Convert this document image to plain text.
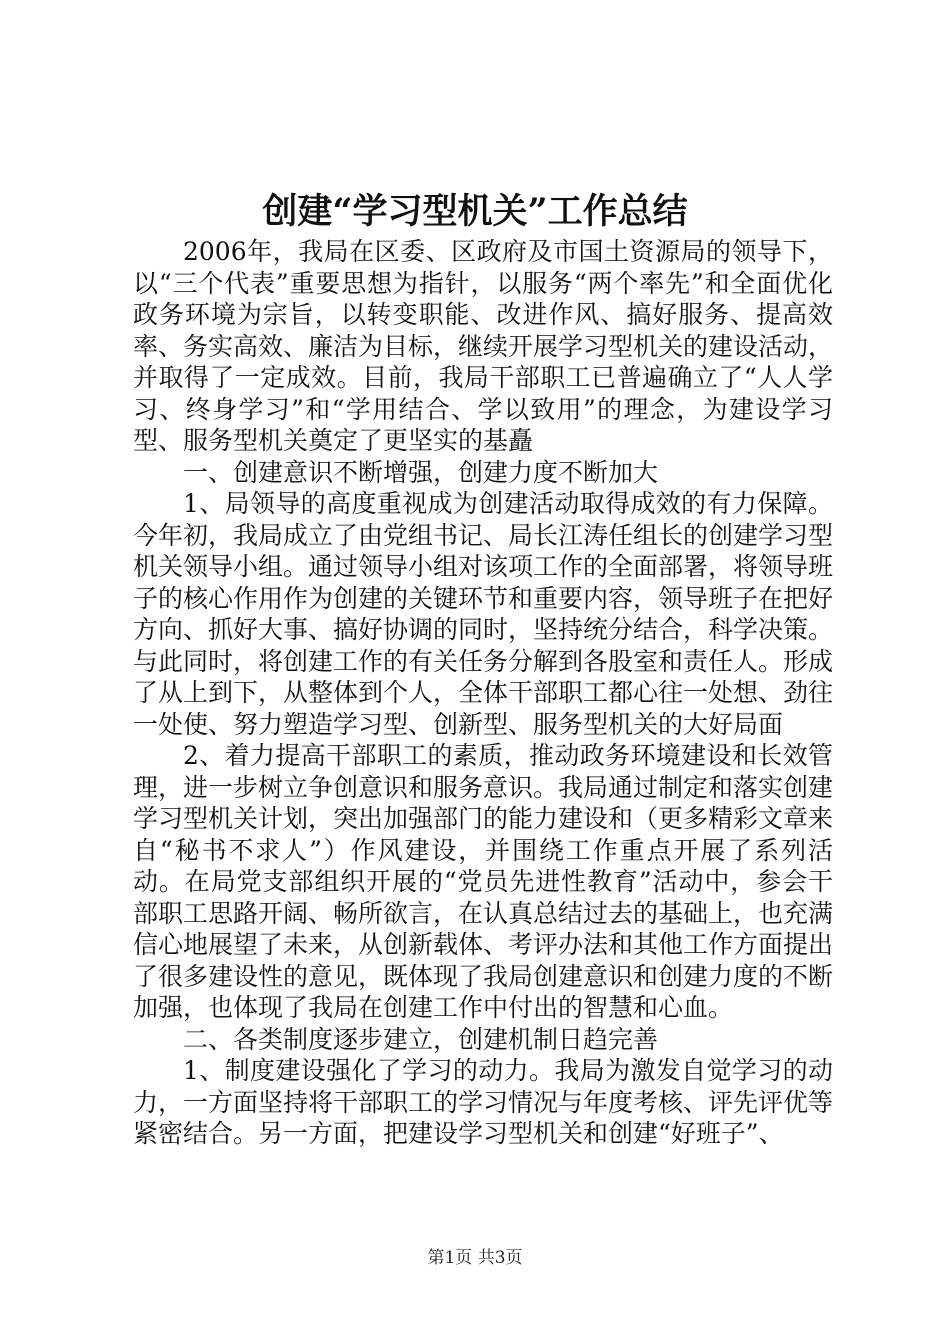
创建“学习型机关”工作总结

2006年，我局在区委、区政府及市国土资源局的领导下，以“三个代表”重要思想为指针，以服务“两个率先”和全面优化政务环境为宗旨，以转变职能、改进作风、搞好服务、提高效率、务实高效、廉洁为目标，继续开展学习型机关的建设活动，并取得了一定成效。目前，我局干部职工已普遍确立了“人人学习、终身学习”和“学用结合、学以致用”的理念，为建设学习型、服务型机关奠定了更坚实的基矗

一、创建意识不断增强，创建力度不断加大

1、局领导的高度重视成为创建活动取得成效的有力保障。今年初，我局成立了由党组书记、局长江涛任组长的创建学习型机关领导小组。通过领导小组对该项工作的全面部署，将领导班子的核心作用作为创建的关键环节和重要内容，领导班子在把好方向、抓好大事、搞好协调的同时，坚持统分结合，科学决策。与此同时，将创建工作的有关任务分解到各股室和责任人。形成了从上到下，从整体到个人，全体干部职工都心往一处想、劲往一处使、努力塑造学习型、创新型、服务型机关的大好局面

2、着力提高干部职工的素质，推动政务环境建设和长效管理，进一步树立争创意识和服务意识。我局通过制定和落实创建学习型机关计划，突出加强部门的能力建设和（更多精彩文章来自“秘书不求人”）作风建设，并围绕工作重点开展了系列活动。在局党支部组织开展的“党员先进性教育”活动中，参会干部职工思路开阔、畅所欲言，在认真总结过去的基础上，也充满信心地展望了未来，从创新载体、考评办法和其他工作方面提出了很多建设性的意见，既体现了我局创建意识和创建力度的不断加强，也体现了我局在创建工作中付出的智慧和心血。

二、各类制度逐步建立，创建机制日趋完善

1、制度建设强化了学习的动力。我局为激发自觉学习的动力，一方面坚持将干部职工的学习情况与年度考核、评先评优等紧密结合。另一方面，把建设学习型机关和创建“好班子”、

第1页 共3页
